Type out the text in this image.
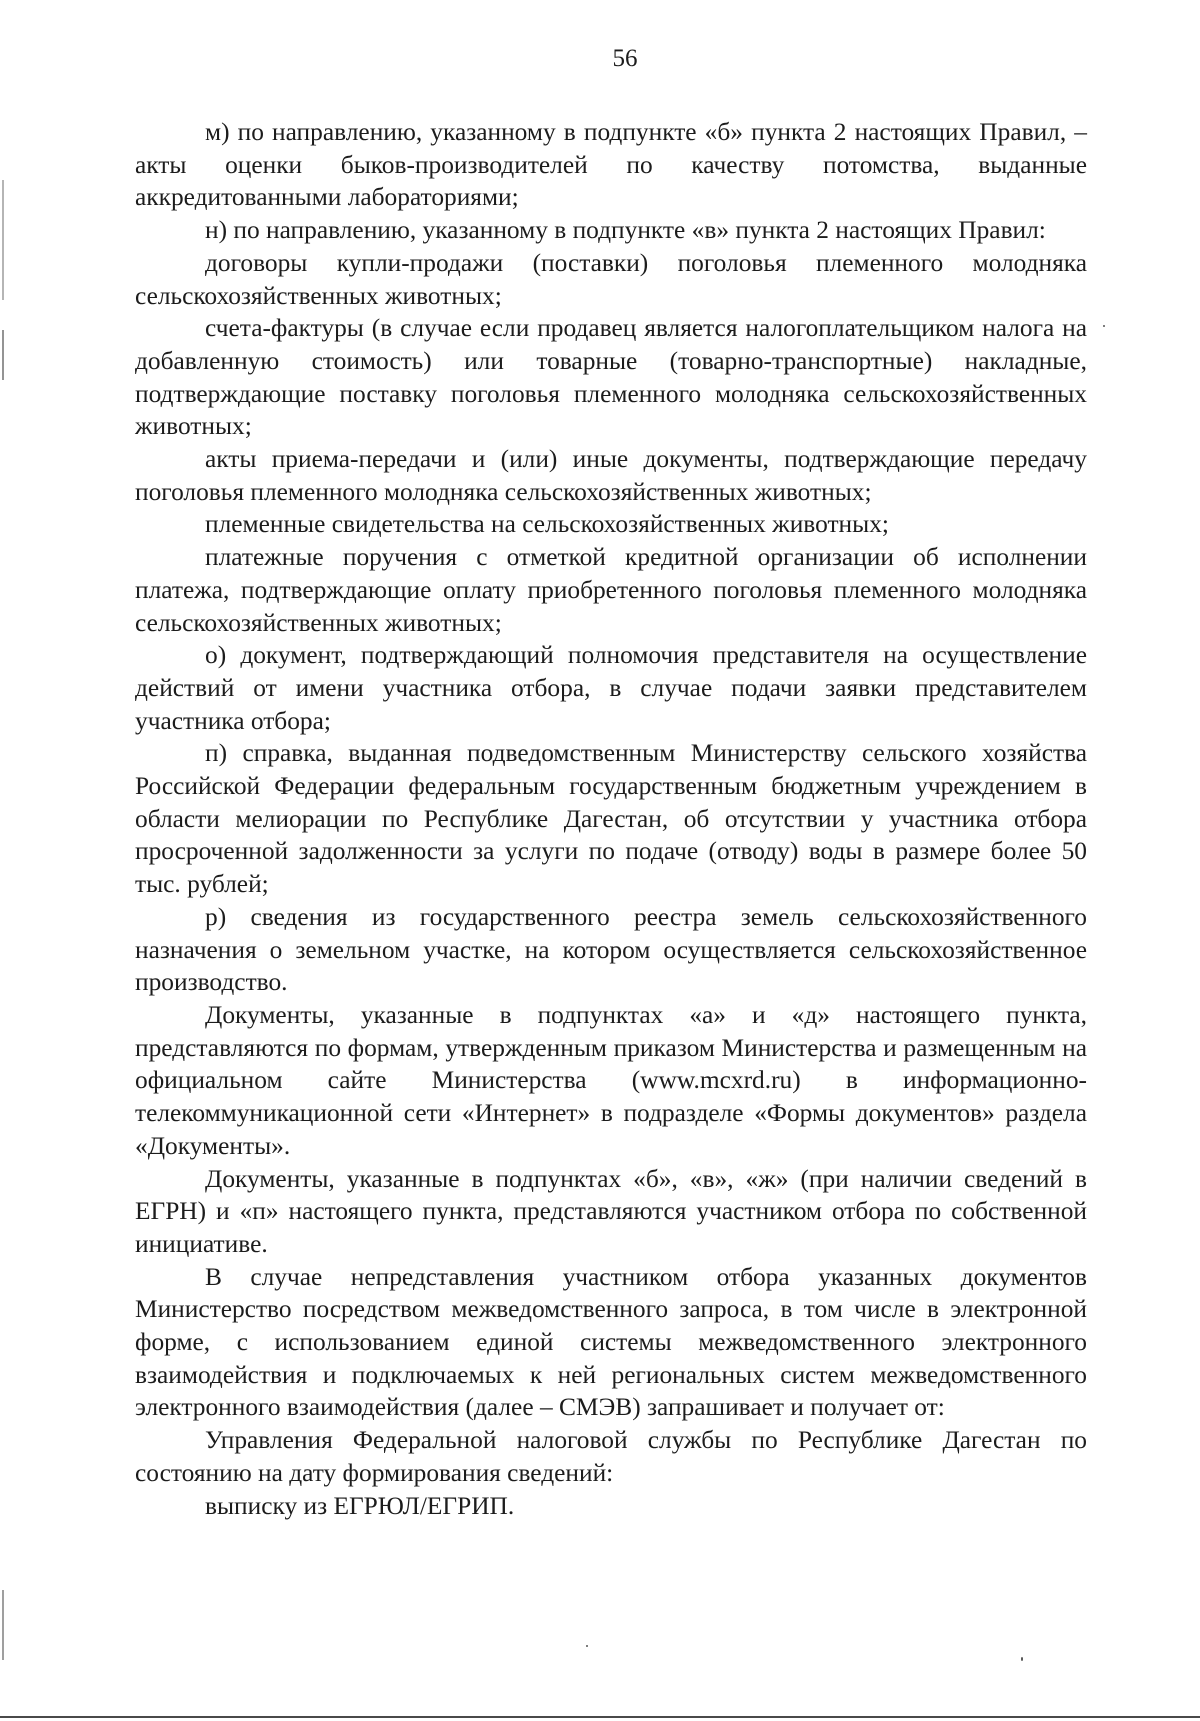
56

м) по направлению, указанному в подпункте «б» пункта 2 настоящих Правил, – акты оценки быков-производителей по качеству потомства, выданные аккредитованными лабораториями;

н) по направлению, указанному в подпункте «в» пункта 2 настоящих Правил:

договоры купли-продажи (поставки) поголовья племенного молодняка сельскохозяйственных животных;

счета-фактуры (в случае если продавец является налогоплательщиком налога на добавленную стоимость) или товарные (товарно-транспортные) накладные, подтверждающие поставку поголовья племенного молодняка сельскохозяйственных животных;

акты приема-передачи и (или) иные документы, подтверждающие передачу поголовья племенного молодняка сельскохозяйственных животных;

племенные свидетельства на сельскохозяйственных животных;

платежные поручения с отметкой кредитной организации об исполнении платежа, подтверждающие оплату приобретенного поголовья племенного молодняка сельскохозяйственных животных;

о) документ, подтверждающий полномочия представителя на осуществление действий от имени участника отбора, в случае подачи заявки представителем участника отбора;

п) справка, выданная подведомственным Министерству сельского хозяйства Российской Федерации федеральным государственным бюджетным учреждением в области мелиорации по Республике Дагестан, об отсутствии у участника отбора просроченной задолженности за услуги по подаче (отводу) воды в размере более 50 тыс. рублей;

р) сведения из государственного реестра земель сельскохозяйственного назначения о земельном участке, на котором осуществляется сельскохозяйственное производство.

Документы, указанные в подпунктах «а» и «д» настоящего пункта, представляются по формам, утвержденным приказом Министерства и размещенным на официальном сайте Министерства (www.mcxrd.ru) в информационно-телекоммуникационной сети «Интернет» в подразделе «Формы документов» раздела «Документы».

Документы, указанные в подпунктах «б», «в», «ж» (при наличии сведений в ЕГРН) и «п» настоящего пункта, представляются участником отбора по собственной инициативе.

В случае непредставления участником отбора указанных документов Министерство посредством межведомственного запроса, в том числе в электронной форме, с использованием единой системы межведомственного электронного взаимодействия и подключаемых к ней региональных систем межведомственного электронного взаимодействия (далее – СМЭВ) запрашивает и получает от:

Управления Федеральной налоговой службы по Республике Дагестан по состоянию на дату формирования сведений:

выписку из ЕГРЮЛ/ЕГРИП.
